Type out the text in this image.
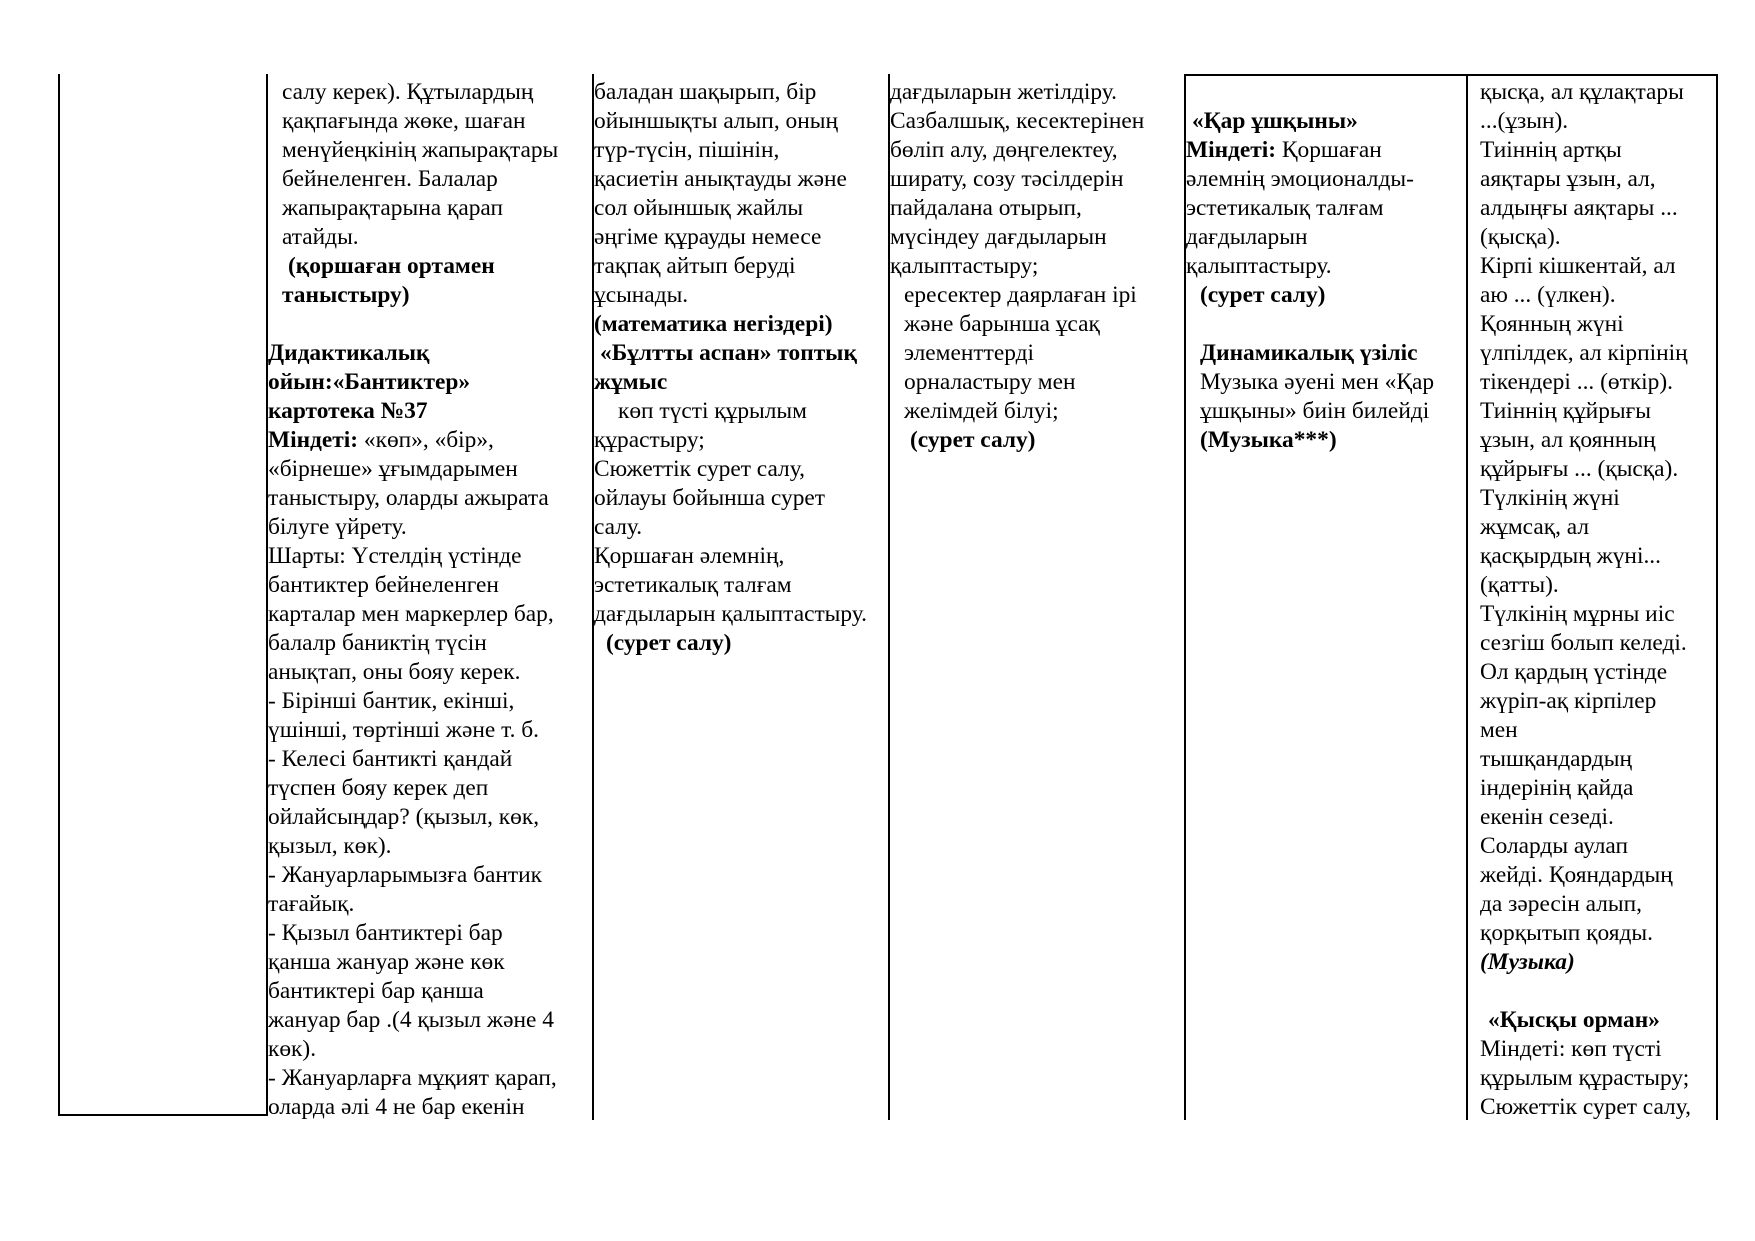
салу керек). Құтылардың

қақпағында жөке, шаған

менүйеңкінің жапырақтары

бейнеленген. Балалар

жапырақтарына қарап

атайды.

(қоршаған ортамен

таныстыру)

Дидактикалық

ойын:«Бантиктер»

картотека №37

Міндеті: «көп», «бір»,

«бірнеше» ұғымдарымен

таныстыру, оларды ажырата

білуге үйрету.

Шарты: Үстелдің үстінде

бантиктер бейнеленген

карталар мен маркерлер бар,

балалр баниктің түсін

анықтап, оны бояу керек.

- Бірінші бантик, екінші,

үшінші, төртінші және т. б.

- Келесі бантикті қандай

түспен бояу керек деп

ойлайсыңдар? (қызыл, көк,

қызыл, көк).

- Жануарларымызға бантик

тағайық.

- Қызыл бантиктері бар

қанша жануар және көк

бантиктері бар қанша

жануар бар .(4 қызыл және 4

көк).

- Жануарларға мұқият қарап,

оларда әлі 4 не бар екенін

баладан шақырып, бір

ойыншықты алып, оның

түр-түсін, пішінін,

қасиетін анықтауды және

сол ойыншық жайлы

әңгіме құрауды немесе

тақпақ айтып беруді

ұсынады.

(математика негіздері)

«Бұлтты аспан» топтық

жұмыс

көп түсті құрылым

құрастыру;

Сюжеттік сурет салу,

ойлауы бойынша сурет

салу.

Қоршаған әлемнің,

эстетикалық талғам

дағдыларын қалыптастыру.

(сурет салу)

дағдыларын жетілдіру.

Сазбалшық, кесектерінен

бөліп алу, дөңгелектеу,

ширату, созу тәсілдерін

пайдалана отырып,

мүсіндеу дағдыларын

қалыптастыру;

ересектер даярлаған ірі

және барынша ұсақ

элементтерді

орналастыру мен

желімдей білуі;

(сурет салу)

«Қар ұшқыны»

Міндеті: Қоршаған

әлемнің эмоционалды-

эстетикалық талғам

дағдыларын

қалыптастыру.

(сурет салу)

Динамикалық үзіліс

Музыка әуені мен «Қар

ұшқыны» биін билейді

(Музыка***)

қысқа, ал құлақтары

...(ұзын).

Тиіннің артқы

аяқтары ұзын, ал,

алдыңғы аяқтары ...

(қысқа).

Кірпі кішкентай, ал

аю ... (үлкен).

Қоянның жүні

үлпілдек, ал кірпінің

тікендері ... (өткір).

Тиіннің құйрығы

ұзын, ал қоянның

құйрығы ... (қысқа).

Түлкінің жүні

жұмсақ, ал

қасқырдың жүні...

(қатты).

Түлкінің мұрны иіс

сезгіш болып келеді.

Ол қардың үстінде

жүріп-ақ кірпілер

мен

тышқандардың

індерінің қайда

екенін сезеді.

Соларды аулап

жейді. Қояндардың

да зәресін алып,

қорқытып қояды.

(Музыка)

«Қысқы орман»

Міндеті: көп түсті

құрылым құрастыру;

Сюжеттік сурет салу,
